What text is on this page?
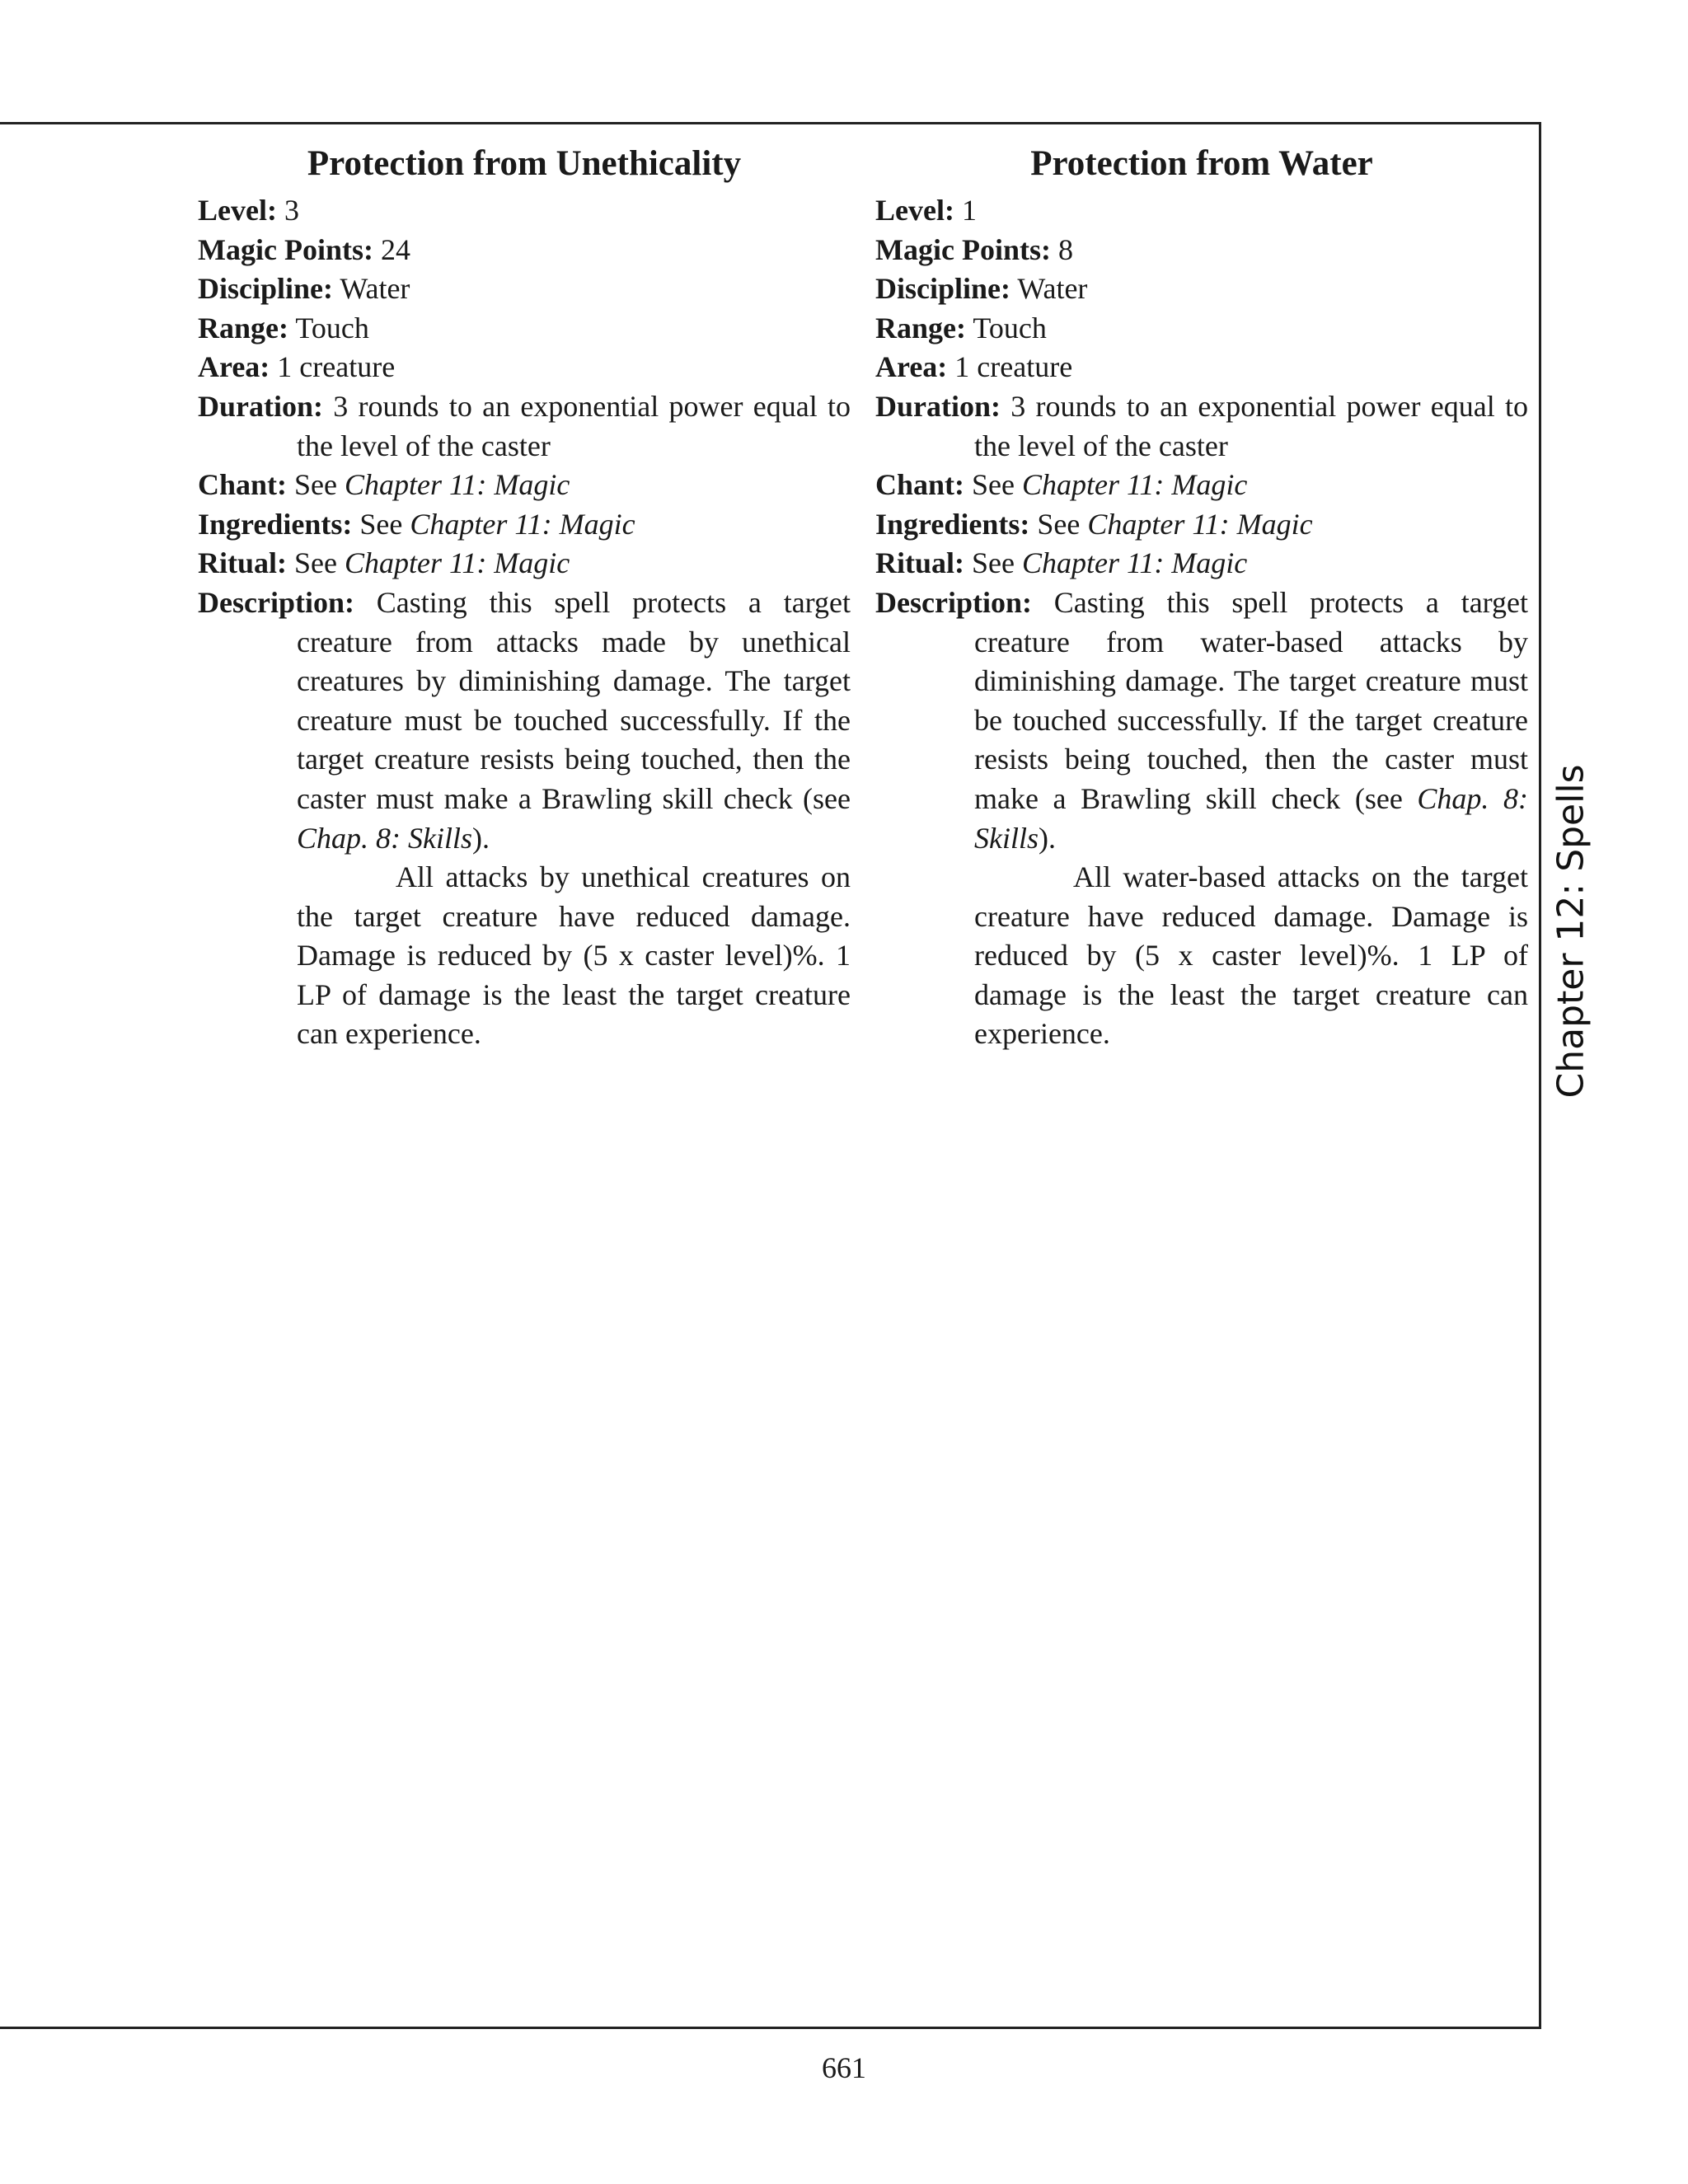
Protection from Unethicality

Level: 3

Magic Points: 24

Discipline: Water

Range: Touch

Area: 1 creature

Duration: 3 rounds to an exponential power equal to the level of the caster

Chant: See Chapter 11: Magic

Ingredients: See Chapter 11: Magic

Ritual: See Chapter 11: Magic

Description: Casting this spell protects a target creature from attacks made by unethical creatures by diminishing damage. The target creature must be touched successfully. If the target creature resists being touched, then the caster must make a Brawling skill check (see Chap. 8: Skills).

All attacks by unethical creatures on the target creature have reduced damage. Damage is reduced by (5 x caster level)%. 1 LP of damage is the least the target creature can experience.

Protection from Water

Level: 1

Magic Points: 8

Discipline: Water

Range: Touch

Area: 1 creature

Duration: 3 rounds to an exponential power equal to the level of the caster

Chant: See Chapter 11: Magic

Ingredients: See Chapter 11: Magic

Ritual: See Chapter 11: Magic

Description: Casting this spell protects a target creature from water-based attacks by diminishing damage. The target creature must be touched successfully. If the target creature resists being touched, then the caster must make a Brawling skill check (see Chap. 8: Skills).

All water-based attacks on the target creature have reduced damage. Damage is reduced by (5 x caster level)%. 1 LP of damage is the least the target creature can experience.	Chapter 12: Spells
661
